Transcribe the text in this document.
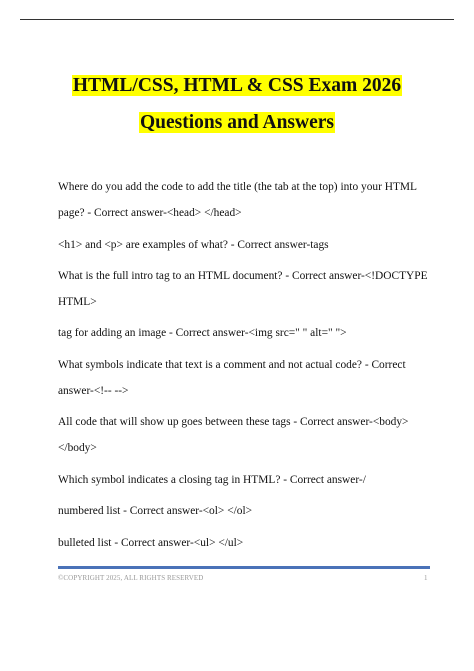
HTML/CSS, HTML & CSS Exam 2026
Questions and Answers
Where do you add the code to add the title (the tab at the top) into your HTML
page? - Correct answer-<head> </head>
<h1> and <p> are examples of what? - Correct answer-tags
What is the full intro tag to an HTML document? - Correct answer-<!DOCTYPE
HTML>
tag for adding an image - Correct answer-<img src=" " alt=" ">
What symbols indicate that text is a comment and not actual code? - Correct
answer-<!-- -->
All code that will show up goes between these tags - Correct answer-<body>
</body>
Which symbol indicates a closing tag in HTML? - Correct answer-/
numbered list - Correct answer-<ol> </ol>
bulleted list - Correct answer-<ul> </ul>
©COPYRIGHT 2025, ALL RIGHTS RESERVED	1
